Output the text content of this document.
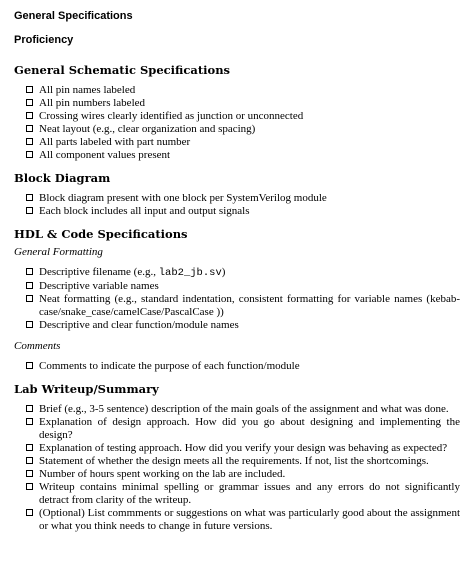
General Specifications
Proficiency
General Schematic Specifications
All pin names labeled
All pin numbers labeled
Crossing wires clearly identified as junction or unconnected
Neat layout (e.g., clear organization and spacing)
All parts labeled with part number
All component values present
Block Diagram
Block diagram present with one block per SystemVerilog module
Each block includes all input and output signals
HDL & Code Specifications
General Formatting
Descriptive filename (e.g., lab2_jb.sv)
Descriptive variable names
Neat formatting (e.g., standard indentation, consistent formatting for variable names (kebab-case/snake_case/camelCase/PascalCase ))
Descriptive and clear function/module names
Comments
Comments to indicate the purpose of each function/module
Lab Writeup/Summary
Brief (e.g., 3-5 sentence) description of the main goals of the assignment and what was done.
Explanation of design approach. How did you go about designing and implementing the design?
Explanation of testing approach. How did you verify your design was behaving as expected?
Statement of whether the design meets all the requirements. If not, list the shortcomings.
Number of hours spent working on the lab are included.
Writeup contains minimal spelling or grammar issues and any errors do not significantly detract from clarity of the writeup.
(Optional) List commments or suggestions on what was particularly good about the assignment or what you think needs to change in future versions.
